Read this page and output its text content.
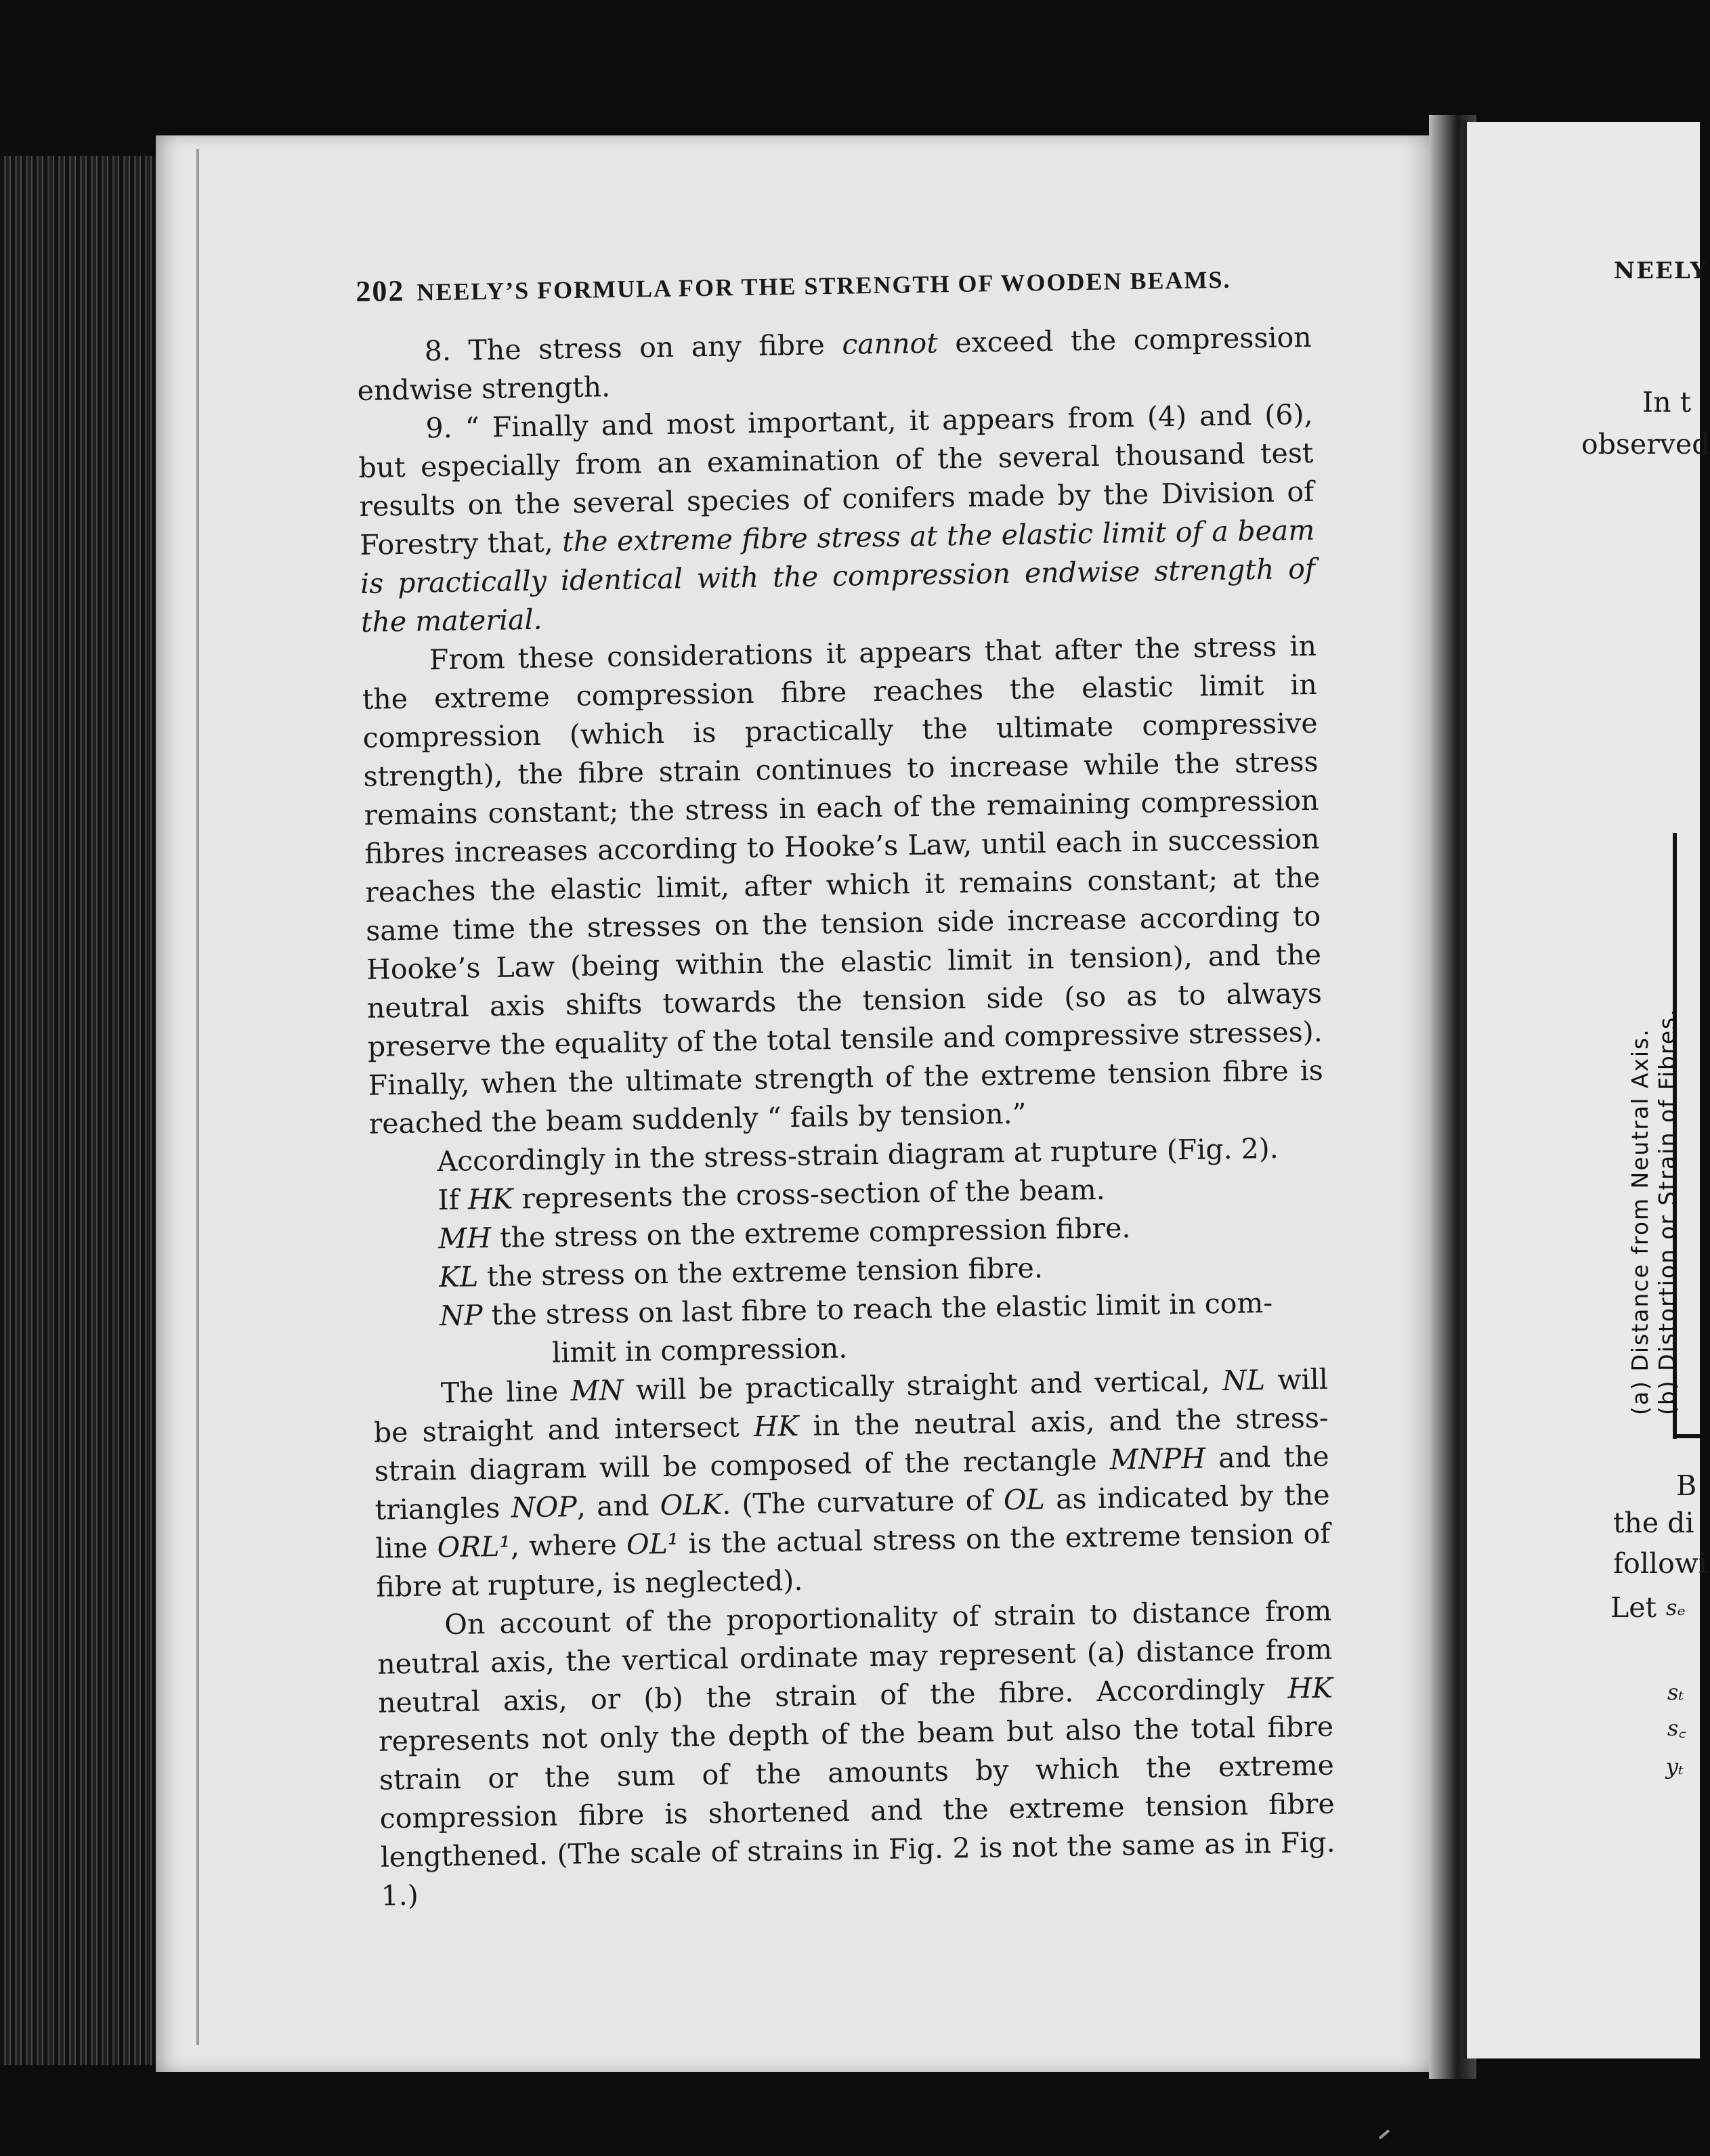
202 NEELY’S FORMULA FOR THE STRENGTH OF WOODEN BEAMS.

8. The stress on any fibre cannot exceed the compression endwise strength.

9. “ Finally and most important, it appears from (4) and (6), but especially from an examination of the several thousand test results on the several species of conifers made by the Division of Forestry that, the extreme fibre stress at the elastic limit of a beam is practically identical with the compression endwise strength of the material.

From these considerations it appears that after the stress in the extreme compression fibre reaches the elastic limit in compression (which is practically the ultimate compressive strength), the fibre strain continues to increase while the stress remains constant; the stress in each of the remaining compression fibres increases according to Hooke’s Law, until each in succession reaches the elastic limit, after which it remains constant; at the same time the stresses on the tension side increase according to Hooke’s Law (being within the elastic limit in tension), and the neutral axis shifts towards the tension side (so as to always preserve the equality of the total tensile and compressive stresses). Finally, when the ultimate strength of the extreme tension fibre is reached the beam suddenly “ fails by tension.”

Accordingly in the stress-strain diagram at rupture (Fig. 2).

If HK represents the cross-section of the beam.

MH the stress on the extreme compression fibre.

KL the stress on the extreme tension fibre.

NP the stress on last fibre to reach the elastic limit in com-

limit in compression.

The line MN will be practically straight and vertical, NL will be straight and intersect HK in the neutral axis, and the stress-strain diagram will be composed of the rectangle MNPH and the triangles NOP, and OLK. (The curvature of OL as indicated by the line ORL¹, where OL¹ is the actual stress on the extreme tension of fibre at rupture, is neglected).

On account of the proportionality of strain to distance from neutral axis, the vertical ordinate may represent (a) distance from neutral axis, or (b) the strain of the fibre. Accordingly HK represents not only the depth of the beam but also the total fibre strain or the sum of the amounts by which the extreme compression fibre is shortened and the extreme tension fibre lengthened. (The scale of strains in Fig. 2 is not the same as in Fig. 1.)

NEELY
In t
observed
(a) Distance from Neutral Axis. (b) Distortion or Strain of Fibres.
B
the di
followi
Let sₑ
sₜ
s꜀
yₜ
